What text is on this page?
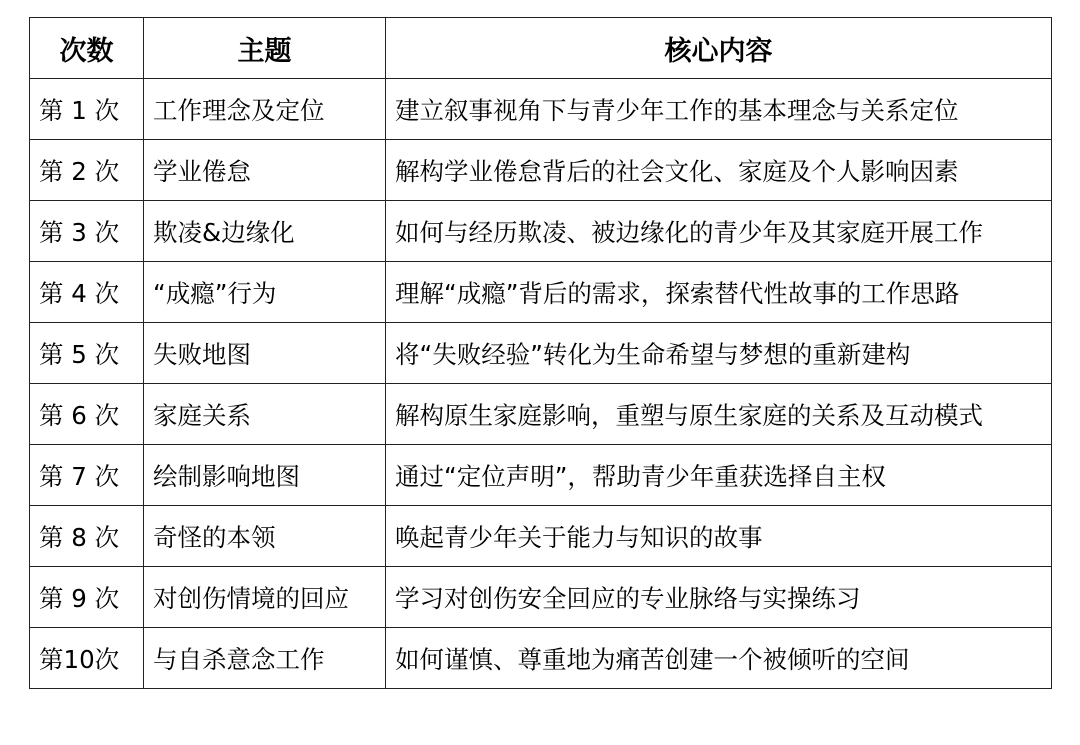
次数	主题	核心内容
第 1 次	工作理念及定位	建立叙事视角下与青少年工作的基本理念与关系定位
第 2 次	学业倦怠	解构学业倦怠背后的社会文化、家庭及个人影响因素
第 3 次	欺凌&边缘化	如何与经历欺凌、被边缘化的青少年及其家庭开展工作
第 4 次	“成瘾”行为	理解“成瘾”背后的需求，探索替代性故事的工作思路
第 5 次	失败地图	将“失败经验”转化为生命希望与梦想的重新建构
第 6 次	家庭关系	解构原生家庭影响，重塑与原生家庭的关系及互动模式
第 7 次	绘制影响地图	通过“定位声明”，帮助青少年重获选择自主权
第 8 次	奇怪的本领	唤起青少年关于能力与知识的故事
第 9 次	对创伤情境的回应	学习对创伤安全回应的专业脉络与实操练习
第10次	与自杀意念工作	如何谨慎、尊重地为痛苦创建一个被倾听的空间
